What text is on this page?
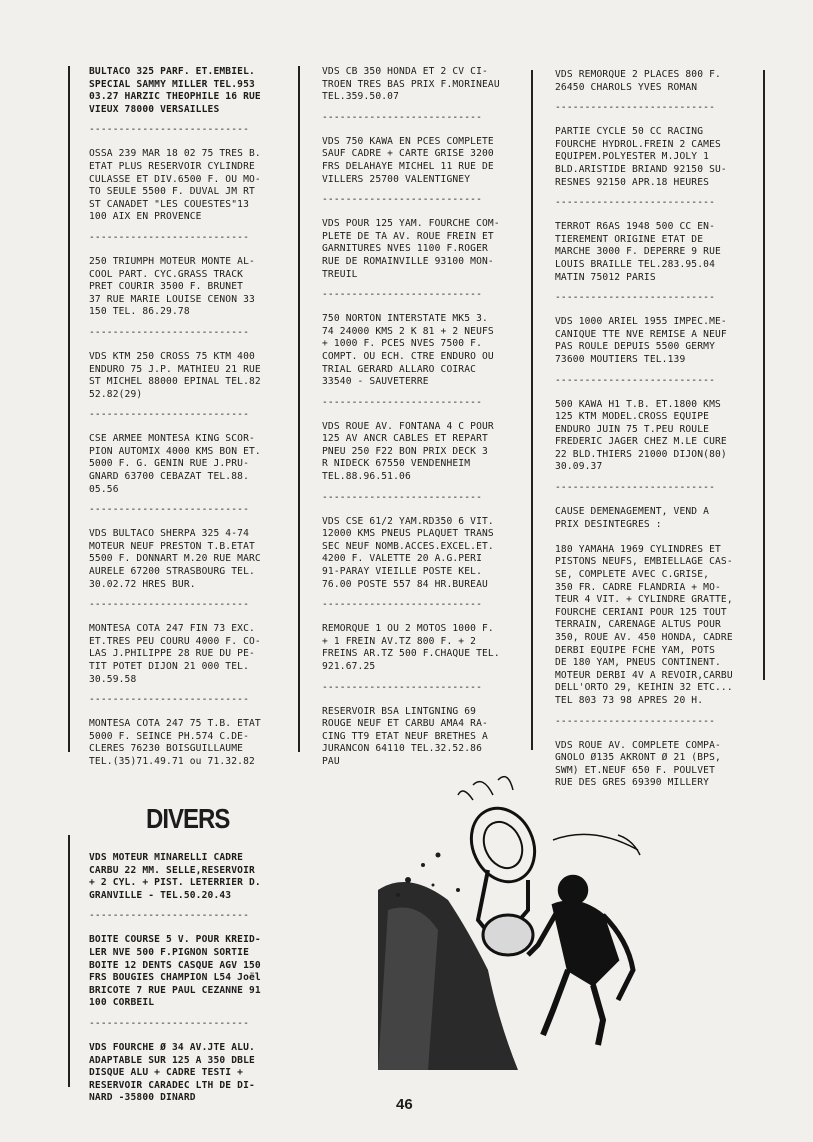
BULTACO 325 PARF. ET.EMBIEL.
SPECIAL SAMMY MILLER TEL.953
03.27 HARZIC THEOPHILE 16 RUE
VIEUX 78000 VERSAILLES

---------------------------

OSSA 239 MAR 18 02 75 TRES B.
ETAT PLUS RESERVOIR CYLINDRE
CULASSE ET DIV.6500 F. OU MO-
TO SEULE 5500 F. DUVAL JM RT
ST CANADET "LES COUESTES"13
100 AIX EN PROVENCE

---------------------------

250 TRIUMPH MOTEUR MONTE AL-
COOL PART. CYC.GRASS TRACK
PRET COURIR 3500 F. BRUNET
37 RUE MARIE LOUISE CENON 33
150 TEL. 86.29.78

---------------------------

VDS KTM 250 CROSS 75 KTM 400
ENDURO 75 J.P. MATHIEU 21 RUE
ST MICHEL 88000 EPINAL TEL.82
52.82(29)

---------------------------

CSE ARMEE MONTESA KING SCOR-
PION AUTOMIX 4000 KMS BON ET.
5000 F. G. GENIN RUE J.PRU-
GNARD 63700 CEBAZAT TEL.88.
05.56

---------------------------

VDS BULTACO SHERPA 325 4-74
MOTEUR NEUF PRESTON T.B.ETAT
5500 F. DONNART M.20 RUE MARC
AURELE 67200 STRASBOURG TEL.
30.02.72 HRES BUR.

---------------------------

MONTESA COTA 247 FIN 73 EXC.
ET.TRES PEU COURU 4000 F. CO-
LAS J.PHILIPPE 28 RUE DU PE-
TIT POTET DIJON 21 000 TEL.
30.59.58

---------------------------

MONTESA COTA 247 75 T.B. ETAT
5000 F. SEINCE PH.574 C.DE-
CLERES 76230 BOISGUILLAUME
TEL.(35)71.49.71 ou 71.32.82

VDS CB 350 HONDA ET 2 CV CI-
TROEN TRES BAS PRIX F.MORINEAU
TEL.359.50.07

---------------------------

VDS 750 KAWA EN PCES COMPLETE
SAUF CADRE + CARTE GRISE 3200
FRS DELAHAYE MICHEL 11 RUE DE
VILLERS 25700 VALENTIGNEY

---------------------------

VDS POUR 125 YAM. FOURCHE COM-
PLETE DE TA AV. ROUE FREIN ET
GARNITURES NVES 1100 F.ROGER
RUE DE ROMAINVILLE 93100 MON-
TREUIL

---------------------------

750 NORTON INTERSTATE MK5 3.
74 24000 KMS 2 K 81 + 2 NEUFS
+ 1000 F. PCES NVES 7500 F.
COMPT. OU ECH. CTRE ENDURO OU
TRIAL GERARD ALLARO COIRAC
33540 - SAUVETERRE

---------------------------

VDS ROUE AV. FONTANA 4 C POUR
125 AV ANCR CABLES ET REPART
PNEU 250 F22 BON PRIX DECK 3
R NIDECK 67550 VENDENHEIM
TEL.88.96.51.06

---------------------------

VDS CSE 61/2 YAM.RD350 6 VIT.
12000 KMS PNEUS PLAQUET TRANS
SEC NEUF NOMB.ACCES.EXCEL.ET.
4200 F. VALETTE 20 A.G.PERI
91-PARAY VIEILLE POSTE KEL.
76.00 POSTE 557 84 HR.BUREAU

---------------------------

REMORQUE 1 OU 2 MOTOS 1000 F.
+ 1 FREIN AV.TZ 800 F. + 2
FREINS AR.TZ 500 F.CHAQUE TEL.
921.67.25

---------------------------

RESERVOIR BSA LINTGNING 69
ROUGE NEUF ET CARBU AMA4 RA-
CING TT9 ETAT NEUF BRETHES A
JURANCON 64110 TEL.32.52.86
PAU

VDS REMORQUE 2 PLACES 800 F.
26450 CHAROLS YVES ROMAN

---------------------------

PARTIE CYCLE 50 CC RACING
FOURCHE HYDROL.FREIN 2 CAMES
EQUIPEM.POLYESTER M.JOLY 1
BLD.ARISTIDE BRIAND 92150 SU-
RESNES 92150 APR.18 HEURES

---------------------------

TERROT R6AS 1948 500 CC EN-
TIEREMENT ORIGINE ETAT DE
MARCHE 3000 F. DEPERRE 9 RUE
LOUIS BRAILLE TEL.283.95.04
MATIN 75012 PARIS

---------------------------

VDS 1000 ARIEL 1955 IMPEC.ME-
CANIQUE TTE NVE REMISE A NEUF
PAS ROULE DEPUIS 5500 GERMY
73600 MOUTIERS TEL.139

---------------------------

500 KAWA H1 T.B. ET.1800 KMS
125 KTM MODEL.CROSS EQUIPE
ENDURO JUIN 75 T.PEU ROULE
FREDERIC JAGER CHEZ M.LE CURE
22 BLD.THIERS 21000 DIJON(80)
30.09.37

---------------------------

CAUSE DEMENAGEMENT, VEND A
PRIX DESINTEGRES :

180 YAMAHA 1969 CYLINDRES ET
PISTONS NEUFS, EMBIELLAGE CAS-
SE, COMPLETE AVEC C.GRISE,
350 FR. CADRE FLANDRIA + MO-
TEUR 4 VIT. + CYLINDRE GRATTE,
FOURCHE CERIANI POUR 125 TOUT
TERRAIN, CARENAGE ALTUS POUR
350, ROUE AV. 450 HONDA, CADRE
DERBI EQUIPE FCHE YAM, POTS
DE 180 YAM, PNEUS CONTINENT.
MOTEUR DERBI 4V A REVOIR,CARBU
DELL'ORTO 29, KEIHIN 32 ETC...
TEL 803 73 98 APRES 20 H.

---------------------------

VDS ROUE AV. COMPLETE COMPA-
GNOLO Ø135 AKRONT Ø 21 (BPS,
SWM) ET.NEUF 650 F. POULVET
RUE DES GRES 69390 MILLERY

DIVERS

VDS MOTEUR MINARELLI CADRE
CARBU 22 MM. SELLE,RESERVOIR
+ 2 CYL. + PIST. LETERRIER D.
GRANVILLE - TEL.50.20.43

---------------------------

BOITE COURSE 5 V. POUR KREID-
LER NVE 500 F.PIGNON SORTIE
BOITE 12 DENTS CASQUE AGV 150
FRS BOUGIES CHAMPION L54 Joël
BRICOTE 7 RUE PAUL CEZANNE 91
100 CORBEIL

---------------------------

VDS FOURCHE Ø 34 AV.JTE ALU.
ADAPTABLE SUR 125 A 350 DBLE
DISQUE ALU + CADRE TESTI +
RESERVOIR CARADEC LTH DE DI-
NARD -35800 DINARD	46
